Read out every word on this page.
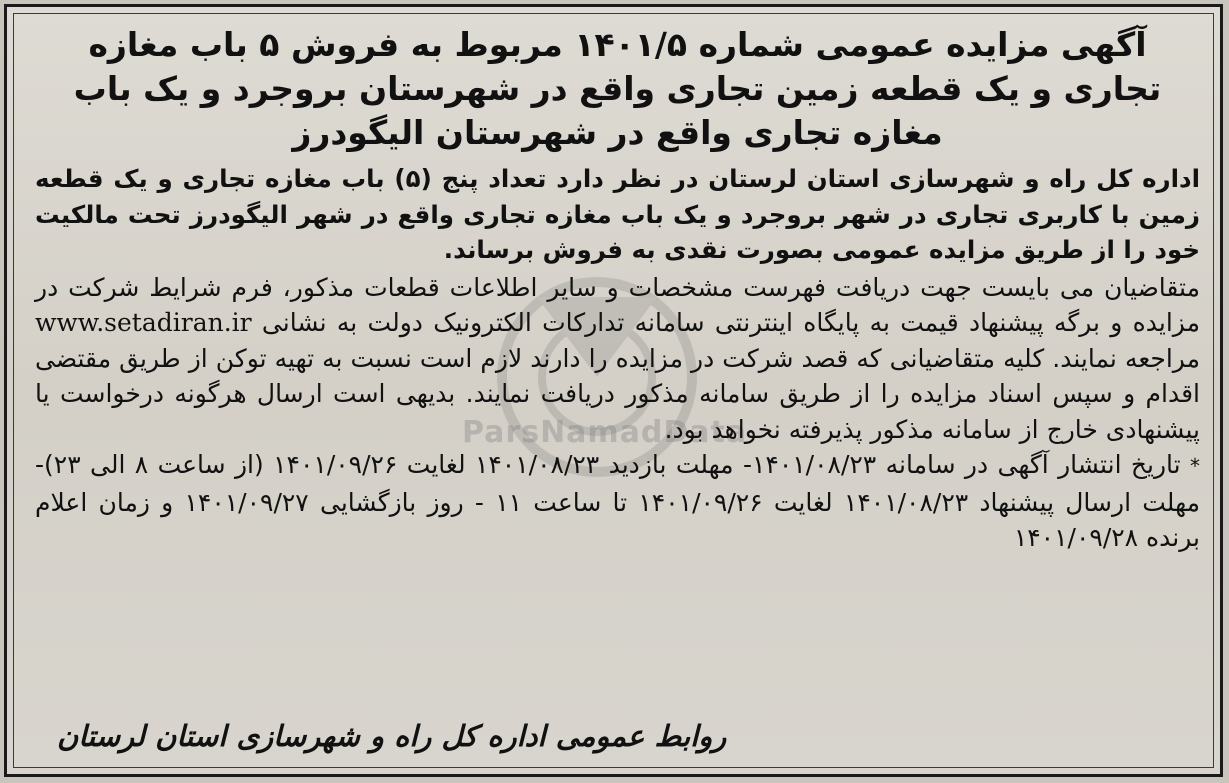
ParsNamadData
آگهی مزایده عمومی شماره ۱۴۰۱/۵ مربوط به فروش ۵ باب مغازه تجاری و یک قطعه زمین تجاری واقع در شهرستان بروجرد و یک باب مغازه تجاری واقع در شهرستان الیگودرز
اداره کل راه و شهرسازی استان لرستان در نظر دارد تعداد پنج (۵) باب مغازه تجاری و یک قطعه زمین با کاربری تجاری در شهر بروجرد و یک باب مغازه تجاری واقع در شهر الیگودرز تحت مالکیت خود را از طریق مزایده عمومی بصورت نقدی به فروش برساند.
متقاضیان می بایست جهت دریافت فهرست مشخصات و سایر اطلاعات قطعات مذکور، فرم شرایط شرکت در مزایده و برگه پیشنهاد قیمت به پایگاه اینترنتی سامانه تدارکات الکترونیک دولت به نشانی www.setadiran.ir مراجعه نمایند. کلیه متقاضیانی که قصد شرکت در مزایده را دارند لازم است نسبت به تهیه توکن از طریق مقتضی اقدام و سپس اسناد مزایده را از طریق سامانه مذکور دریافت نمایند. بدیهی است ارسال هرگونه درخواست یا پیشنهادی خارج از سامانه مذکور پذیرفته نخواهد بود.
* تاریخ انتشار آگهی در سامانه ۱۴۰۱/۰۸/۲۳- مهلت بازدید ۱۴۰۱/۰۸/۲۳ لغایت ۱۴۰۱/۰۹/۲۶ (از ساعت ۸ الی ۲۳)- مهلت ارسال پیشنهاد ۱۴۰۱/۰۸/۲۳ لغایت ۱۴۰۱/۰۹/۲۶ تا ساعت ۱۱ - روز بازگشایی ۱۴۰۱/۰۹/۲۷ و زمان اعلام برنده ۱۴۰۱/۰۹/۲۸
روابط عمومی اداره کل راه و شهرسازی استان لرستان
